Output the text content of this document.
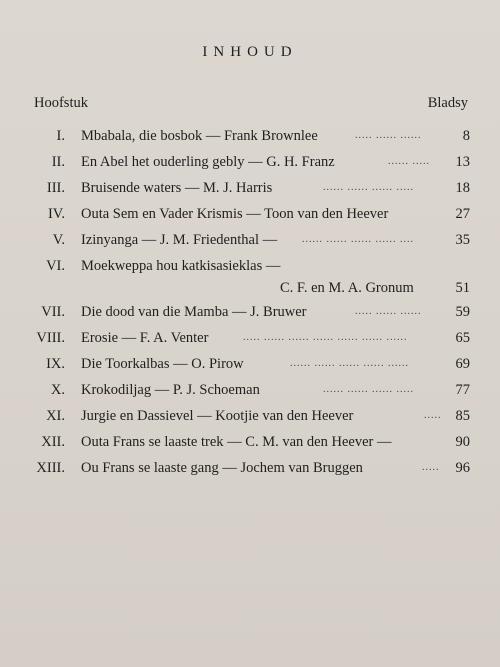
INHOUD
Hoofstuk	Bladsy
I. Mbabala, die bosbok — Frank Brownlee	..... ...... ......	8
II. En Abel het ouderling gebly — G. H. Franz	...... .....	13
III. Bruisende waters — M. J. Harris	...... ...... ...... .....	18
IV. Outa Sem en Vader Krismis — Toon van den Heever	27
V. Izinyanga — J. M. Friedenthal — ...... ...... ...... ...... ....	35
VI. Moekweppa hou katkisasieklas —
C. F. en M. A. Gronum	51
VII. Die dood van die Mamba — J. Bruwer	..... ...... ......	59
VIII. Erosie — F. A. Venter	..... ...... ...... ...... ...... ...... ......	65
IX. Die Toorkalbas — O. Pirow	...... ...... ...... ...... ......	69
X. Krokodiljag — P. J. Schoeman	...... ...... ...... .....	77
XI. Jurgie en Dassievel — Kootjie van den Heever	..... 85
XII. Outa Frans se laaste trek — C. M. van den Heever —	90
XIII. Ou Frans se laaste gang — Jochem van Bruggen	.....	96
